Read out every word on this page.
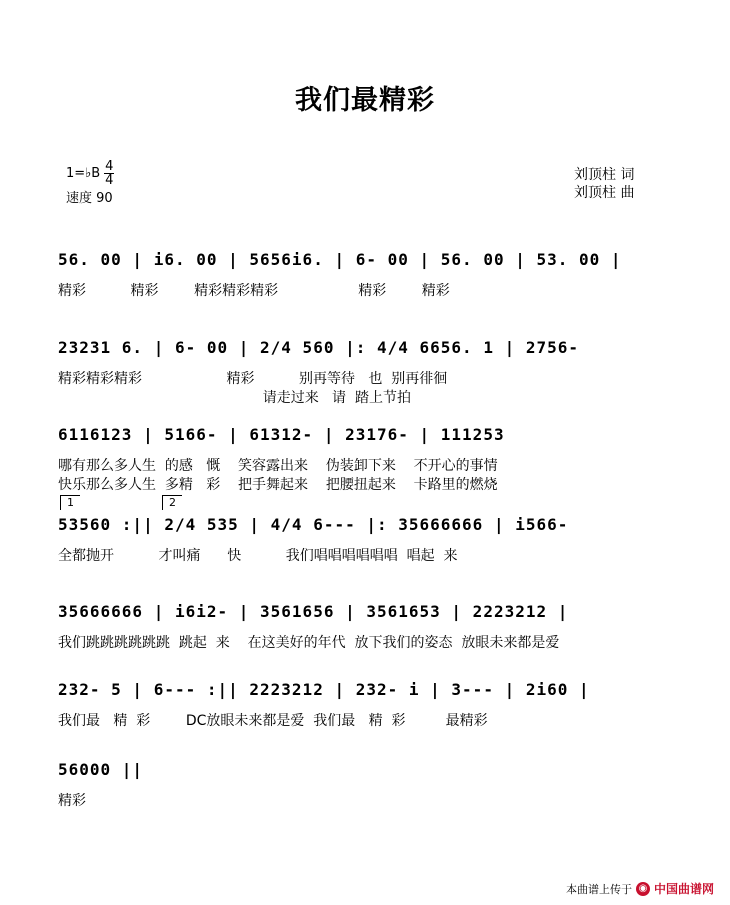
我们最精彩
1=♭B 4
4
速度 90
刘顶柱 词
刘顶柱 曲
56. 00 | i6. 00 | 5656i6. | 6- 00 | 56. 00 | 53. 00 |
精彩          精彩        精彩精彩精彩                  精彩        精彩
23231 6. | 6- 00 | 2/4 560 |: 4/4 6656. 1 | 2756-
精彩精彩精彩                   精彩          别再等待   也  别再徘徊
请走过来   请  踏上节拍
6116123 | 5166- | 61312- | 23176- | 111253
哪有那么多人生  的感   慨    笑容露出来    伪装卸下来    不开心的事情
快乐那么多人生  多精   彩    把手舞起来    把腰扭起来    卡路里的燃烧
1	2
53560 :|| 2/4 535 | 4/4 6--- |: 35666666 | i566-
全都抛开          才叫痛      快          我们唱唱唱唱唱唱  唱起  来
35666666 | i6i2- | 3561656 | 3561653 | 2223212 |
我们跳跳跳跳跳跳  跳起  来    在这美好的年代  放下我们的姿态  放眼未来都是爱
232- 5 | 6--- :|| 2223212 | 232- i | 3--- | 2i60 |
我们最   精  彩        DC放眼未来都是爱  我们最   精  彩         最精彩
56000 ||
精彩
本曲谱上传于 ◉ 中国曲谱网
